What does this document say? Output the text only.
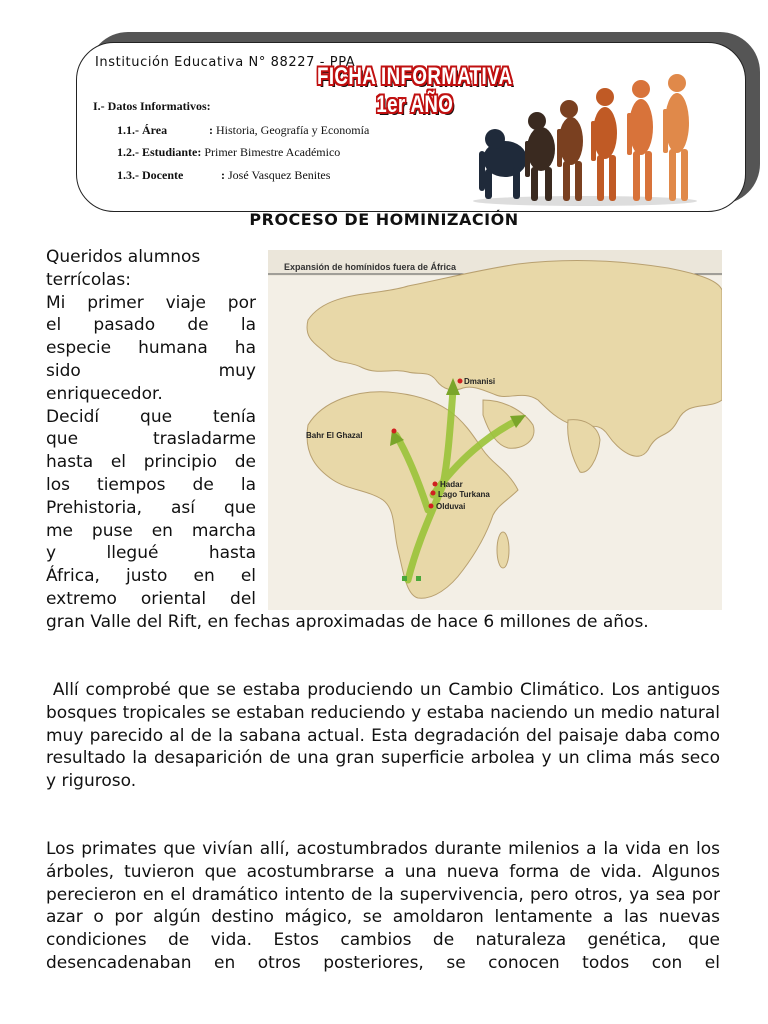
Institución Educativa N° 88227 - PPA
I.- Datos Informativos:
1.1.- Área	: Historia, Geografía y Economía
1.2.- Estudiante: Primer Bimestre Académico
1.3.- Docente	: José Vasquez Benites
FICHA INFORMATIVA
1er AÑO
PROCESO DE HOMINIZACIÓN
Expansión de homínidos fuera de África
Dmanisi
Bahr El Ghazal
Hadar
Lago Turkana
Olduvai

Queridos alumnos

terrícolas:

Mi primer viaje por

el pasado de la

especie humana ha

sido muy

enriquecedor.

Decidí que tenía

que trasladarme

hasta el principio de

los tiempos de la

Prehistoria, así que

me puse en marcha

y llegué hasta

África, justo en el

extremo oriental del

gran Valle del Rift, en fechas aproximadas de hace 6 millones de años.

Allí comprobé que se estaba produciendo un Cambio Climático. Los antiguos bosques tropicales se estaban reduciendo y estaba naciendo un medio natural muy parecido al de la sabana actual. Esta degradación del paisaje daba como resultado la desaparición de una gran superficie arbolea y un clima más seco y riguroso.

Los primates que vivían allí, acostumbrados durante milenios a la vida en los árboles, tuvieron que acostumbrarse a una nueva forma de vida. Algunos perecieron en el dramático intento de la supervivencia, pero otros, ya sea por azar o por algún destino mágico, se amoldaron lentamente a las nuevas condiciones de vida. Estos cambios de naturaleza genética, que desencadenaban en otros posteriores, se conocen todos con el
